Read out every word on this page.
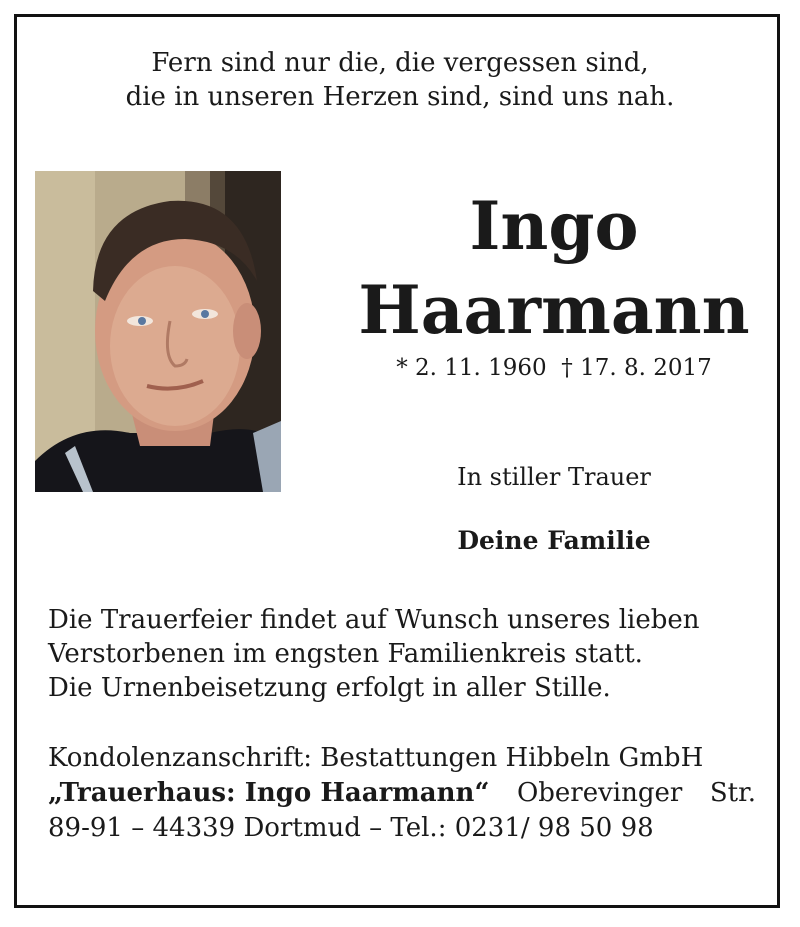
Fern sind nur die, die vergessen sind,
die in unseren Herzen sind, sind uns nah.
Ingo
Haarmann
* 2. 11. 1960  † 17. 8. 2017
In stiller Trauer
Deine Familie

Die Trauerfeier findet auf Wunsch unseres lieben

Verstorbenen im engsten Familienkreis statt.

Die Urnenbeisetzung erfolgt in aller Stille.

Kondolenzanschrift: Bestattungen Hibbeln GmbH

„Trauerhaus: Ingo Haarmann“ Oberevinger Str.

89-91 – 44339 Dortmud – Tel.: 0231/ 98 50 98
